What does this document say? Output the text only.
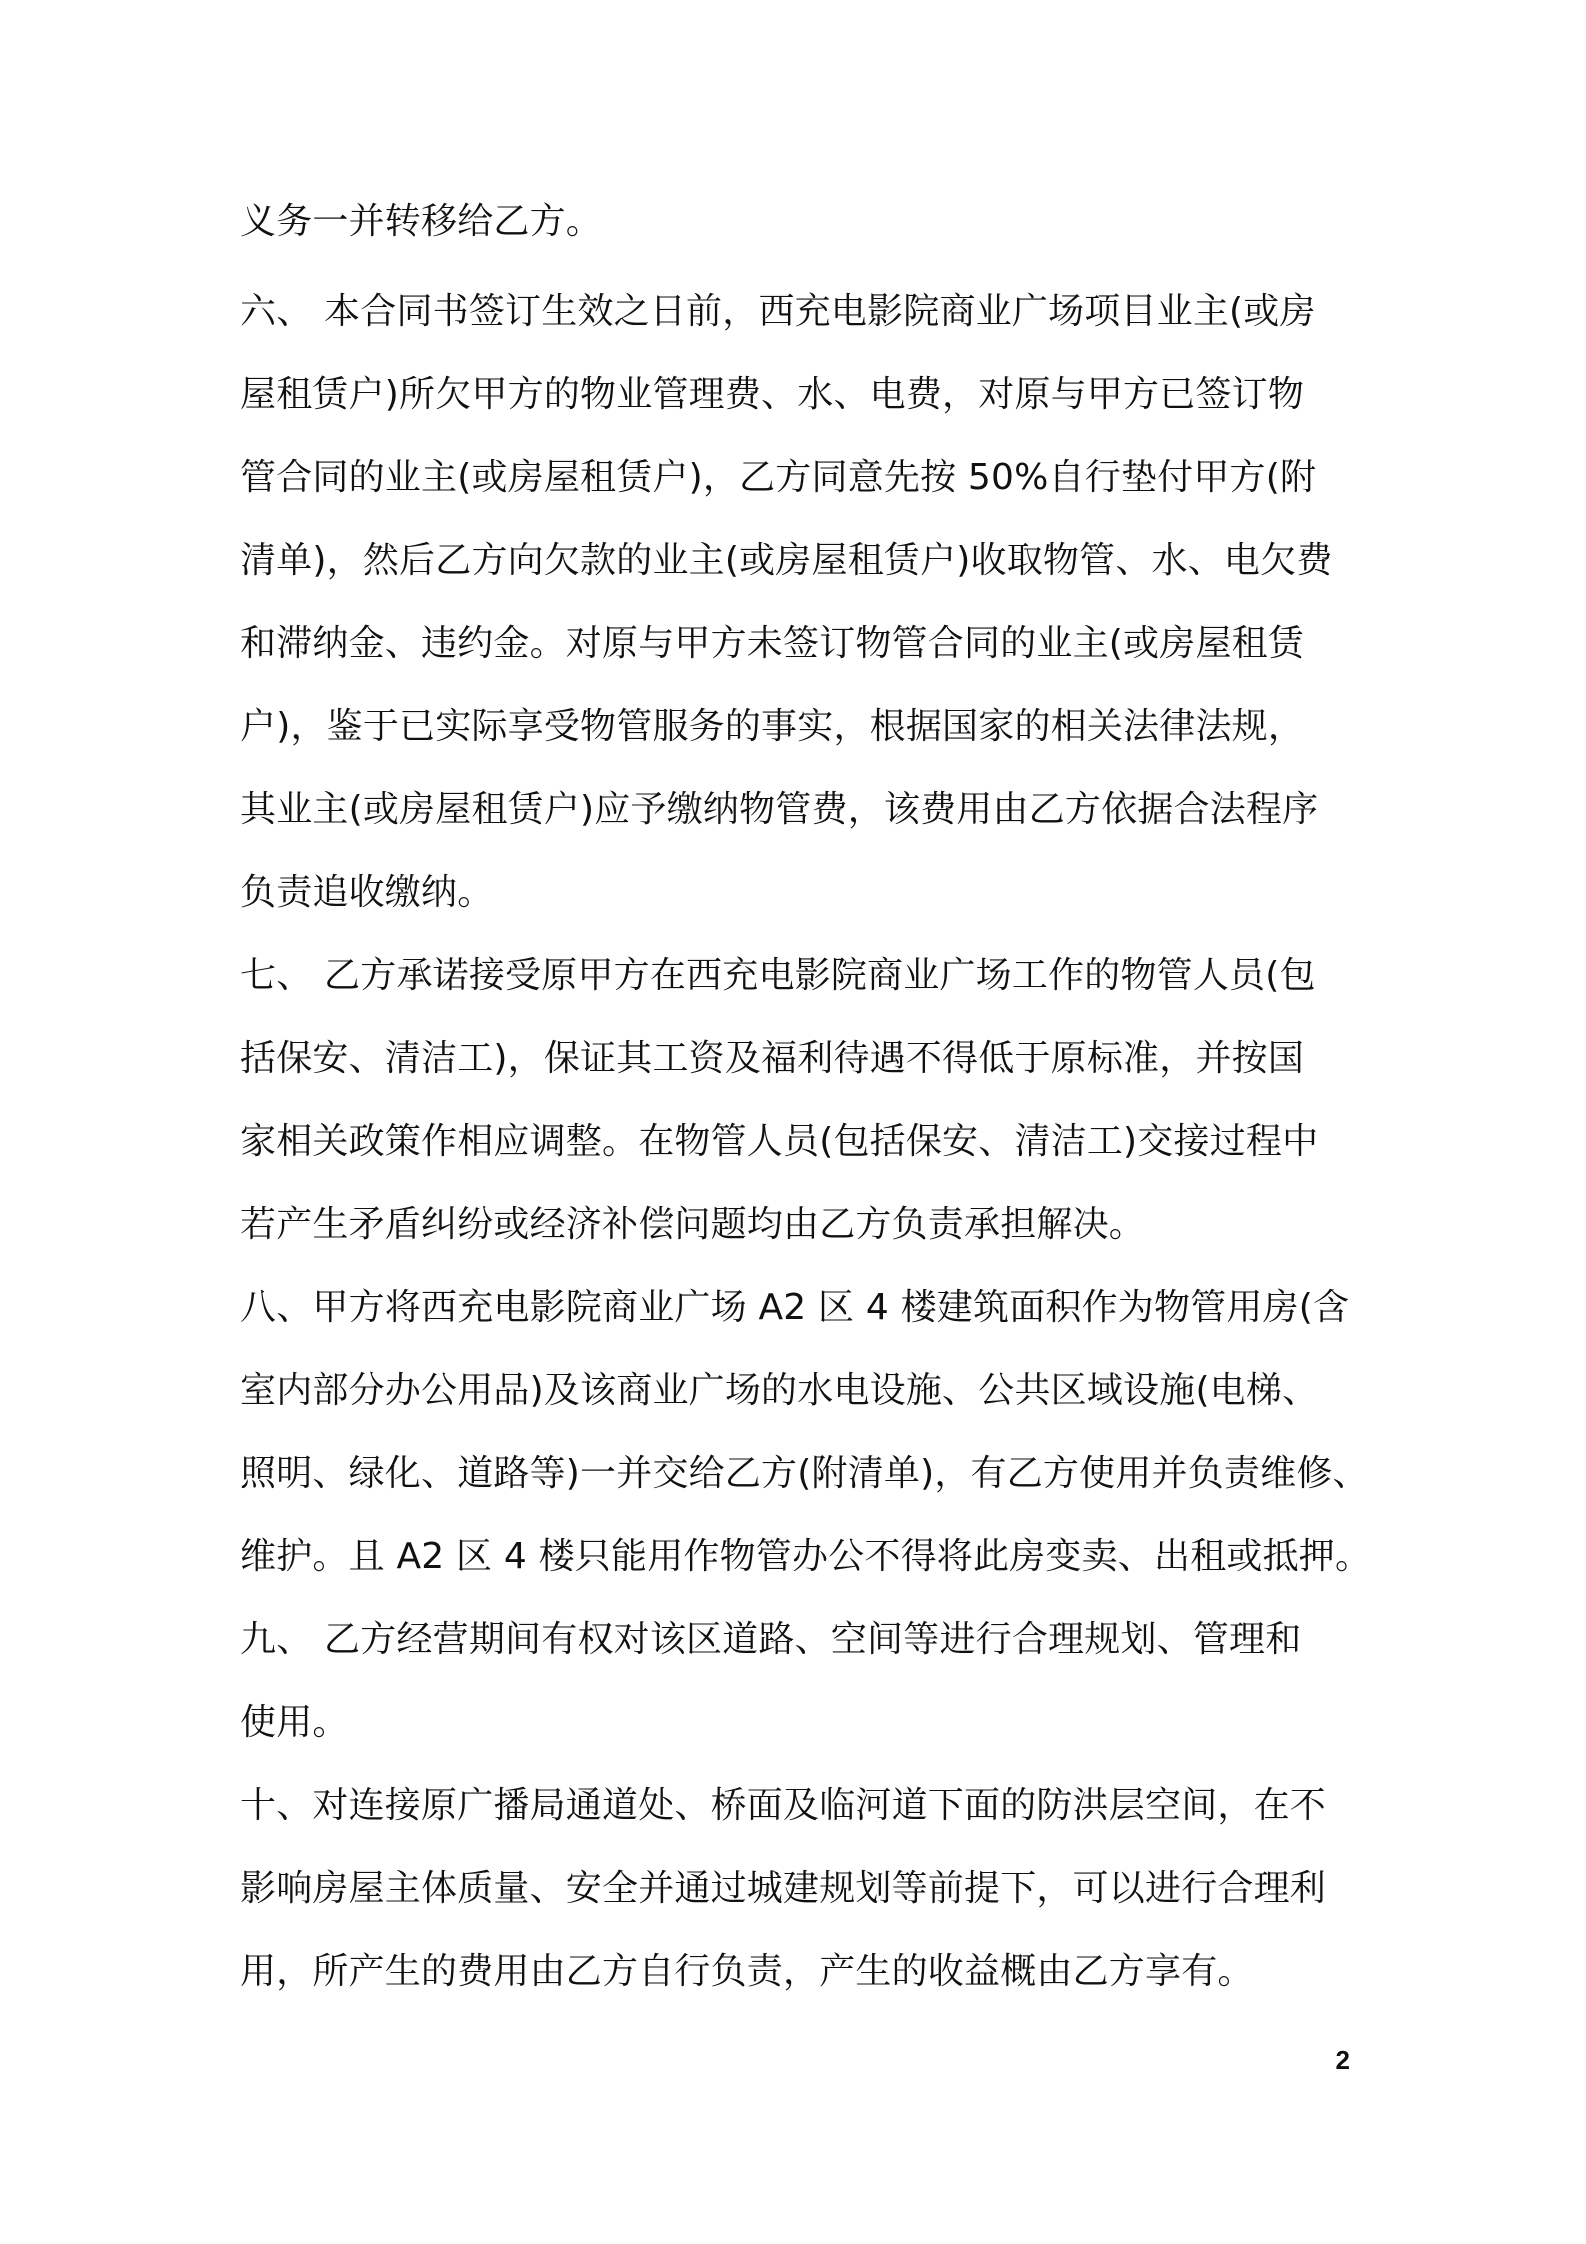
义务一并转移给乙方。
六、 本合同书签订生效之日前，西充电影院商业广场项目业主(或房
屋租赁户)所欠甲方的物业管理费、水、电费，对原与甲方已签订物
管合同的业主(或房屋租赁户)，乙方同意先按 50%自行垫付甲方(附
清单)，然后乙方向欠款的业主(或房屋租赁户)收取物管、水、电欠费
和滞纳金、违约金。对原与甲方未签订物管合同的业主(或房屋租赁
户)，鉴于已实际享受物管服务的事实，根据国家的相关法律法规，
其业主(或房屋租赁户)应予缴纳物管费，该费用由乙方依据合法程序
负责追收缴纳。
七、 乙方承诺接受原甲方在西充电影院商业广场工作的物管人员(包
括保安、清洁工)，保证其工资及福利待遇不得低于原标准，并按国
家相关政策作相应调整。在物管人员(包括保安、清洁工)交接过程中
若产生矛盾纠纷或经济补偿问题均由乙方负责承担解决。
八、甲方将西充电影院商业广场 A2 区 4 楼建筑面积作为物管用房(含
室内部分办公用品)及该商业广场的水电设施、公共区域设施(电梯、
照明、绿化、道路等)一并交给乙方(附清单)，有乙方使用并负责维修、
维护。且 A2 区 4 楼只能用作物管办公不得将此房变卖、出租或抵押。
九、 乙方经营期间有权对该区道路、空间等进行合理规划、管理和
使用。
十、对连接原广播局通道处、桥面及临河道下面的防洪层空间，在不
影响房屋主体质量、安全并通过城建规划等前提下，可以进行合理利
用，所产生的费用由乙方自行负责，产生的收益概由乙方享有。
2
